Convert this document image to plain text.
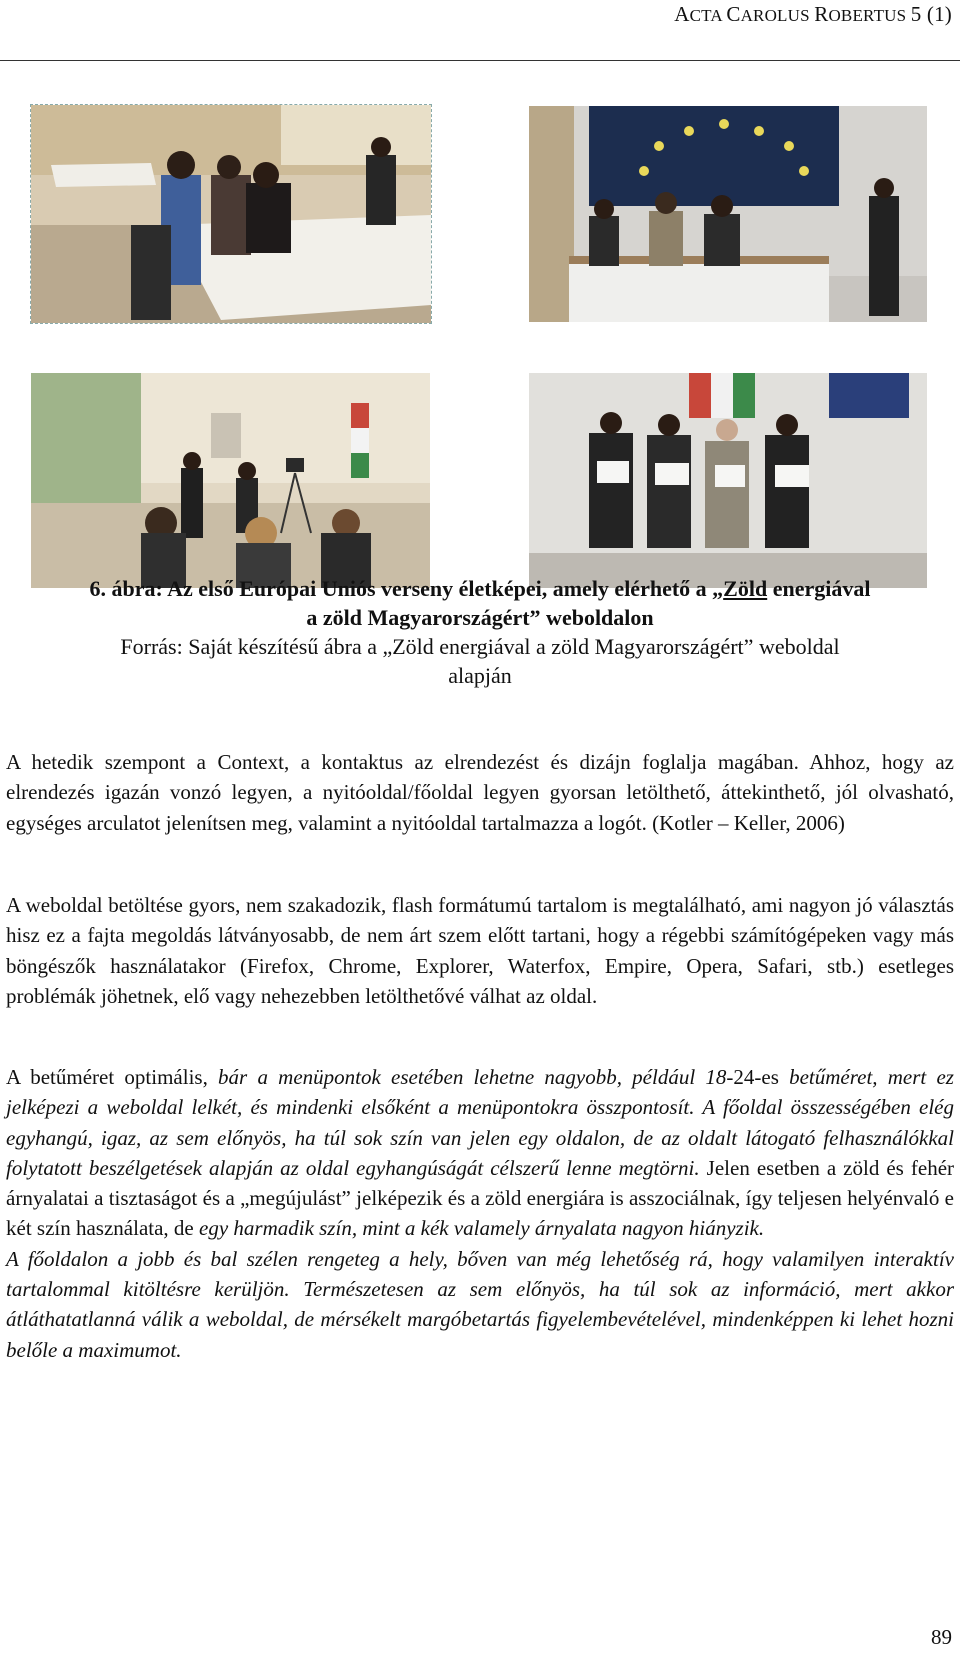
ACTA CAROLUS ROBERTUS 5 (1)
6. ábra: Az első Európai Uniós verseny életképei, amely elérhető a „Zöld energiával
a zöld Magyarországért” weboldalon
Forrás: Saját készítésű ábra a „Zöld energiával a zöld Magyarországért” weboldal
alapján

A hetedik szempont a Context, a kontaktus az elrendezést és dizájn foglalja magában. Ahhoz, hogy az elrendezés igazán vonzó legyen, a nyitóoldal/főoldal legyen gyorsan letölthető, áttekinthető, jól olvasható, egységes arculatot jelenítsen meg, valamint a nyitóoldal tartalmazza a logót. (Kotler – Keller, 2006)

A weboldal betöltése gyors, nem szakadozik, flash formátumú tartalom is megtalálható, ami nagyon jó választás hisz ez a fajta megoldás látványosabb, de nem árt szem előtt tartani, hogy a régebbi számítógépeken vagy más böngészők használatakor (Firefox, Chrome, Explorer, Waterfox, Empire, Opera, Safari, stb.) esetleges problémák jöhetnek, elő vagy nehezebben letölthetővé válhat az oldal.

A betűméret optimális, bár a menüpontok esetében lehetne nagyobb, például 18-24-es betűméret, mert ez jelképezi a weboldal lelkét, és mindenki elsőként a menüpontokra összpontosít. A főoldal összességében elég egyhangú, igaz, az sem előnyös, ha túl sok szín van jelen egy oldalon, de az oldalt látogató felhasználókkal folytatott beszélgetések alapján az oldal egyhangúságát célszerű lenne megtörni. Jelen esetben a zöld és fehér árnyalatai a tisztaságot és a „megújulást” jelképezik és a zöld energiára is asszociálnak, így teljesen helyénvaló e két szín használata, de egy harmadik szín, mint a kék valamely árnyalata nagyon hiányzik.

A főoldalon a jobb és bal szélen rengeteg a hely, bőven van még lehetőség rá, hogy valamilyen interaktív tartalommal kitöltésre kerüljön. Természetesen az sem előnyös, ha túl sok az információ, mert akkor átláthatatlanná válik a weboldal, de mérsékelt margóbetartás figyelembevételével, mindenképpen ki lehet hozni belőle a maximumot.

89
